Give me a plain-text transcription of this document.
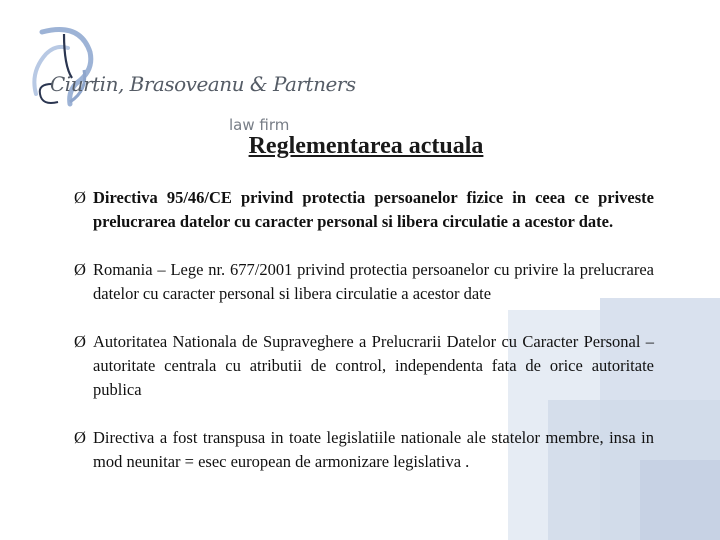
Ciurtin, Brasoveanu & Partners
law firm
Reglementarea actuala
Ø Directiva 95/46/CE privind protectia persoanelor fizice in ceea ce priveste prelucrarea datelor cu caracter personal si libera circulatie a acestor date.
Ø Romania – Lege nr. 677/2001 privind protectia persoanelor cu privire la prelucrarea datelor cu caracter personal si libera circulatie a acestor date
Ø Autoritatea Nationala de Supraveghere a Prelucrarii Datelor cu Caracter Personal – autoritate centrala cu atributii de control, independenta fata de orice autoritate publica
Ø Directiva a fost transpusa in toate legislatiile nationale ale statelor membre, insa in mod neunitar = esec european de armonizare legislativa .
